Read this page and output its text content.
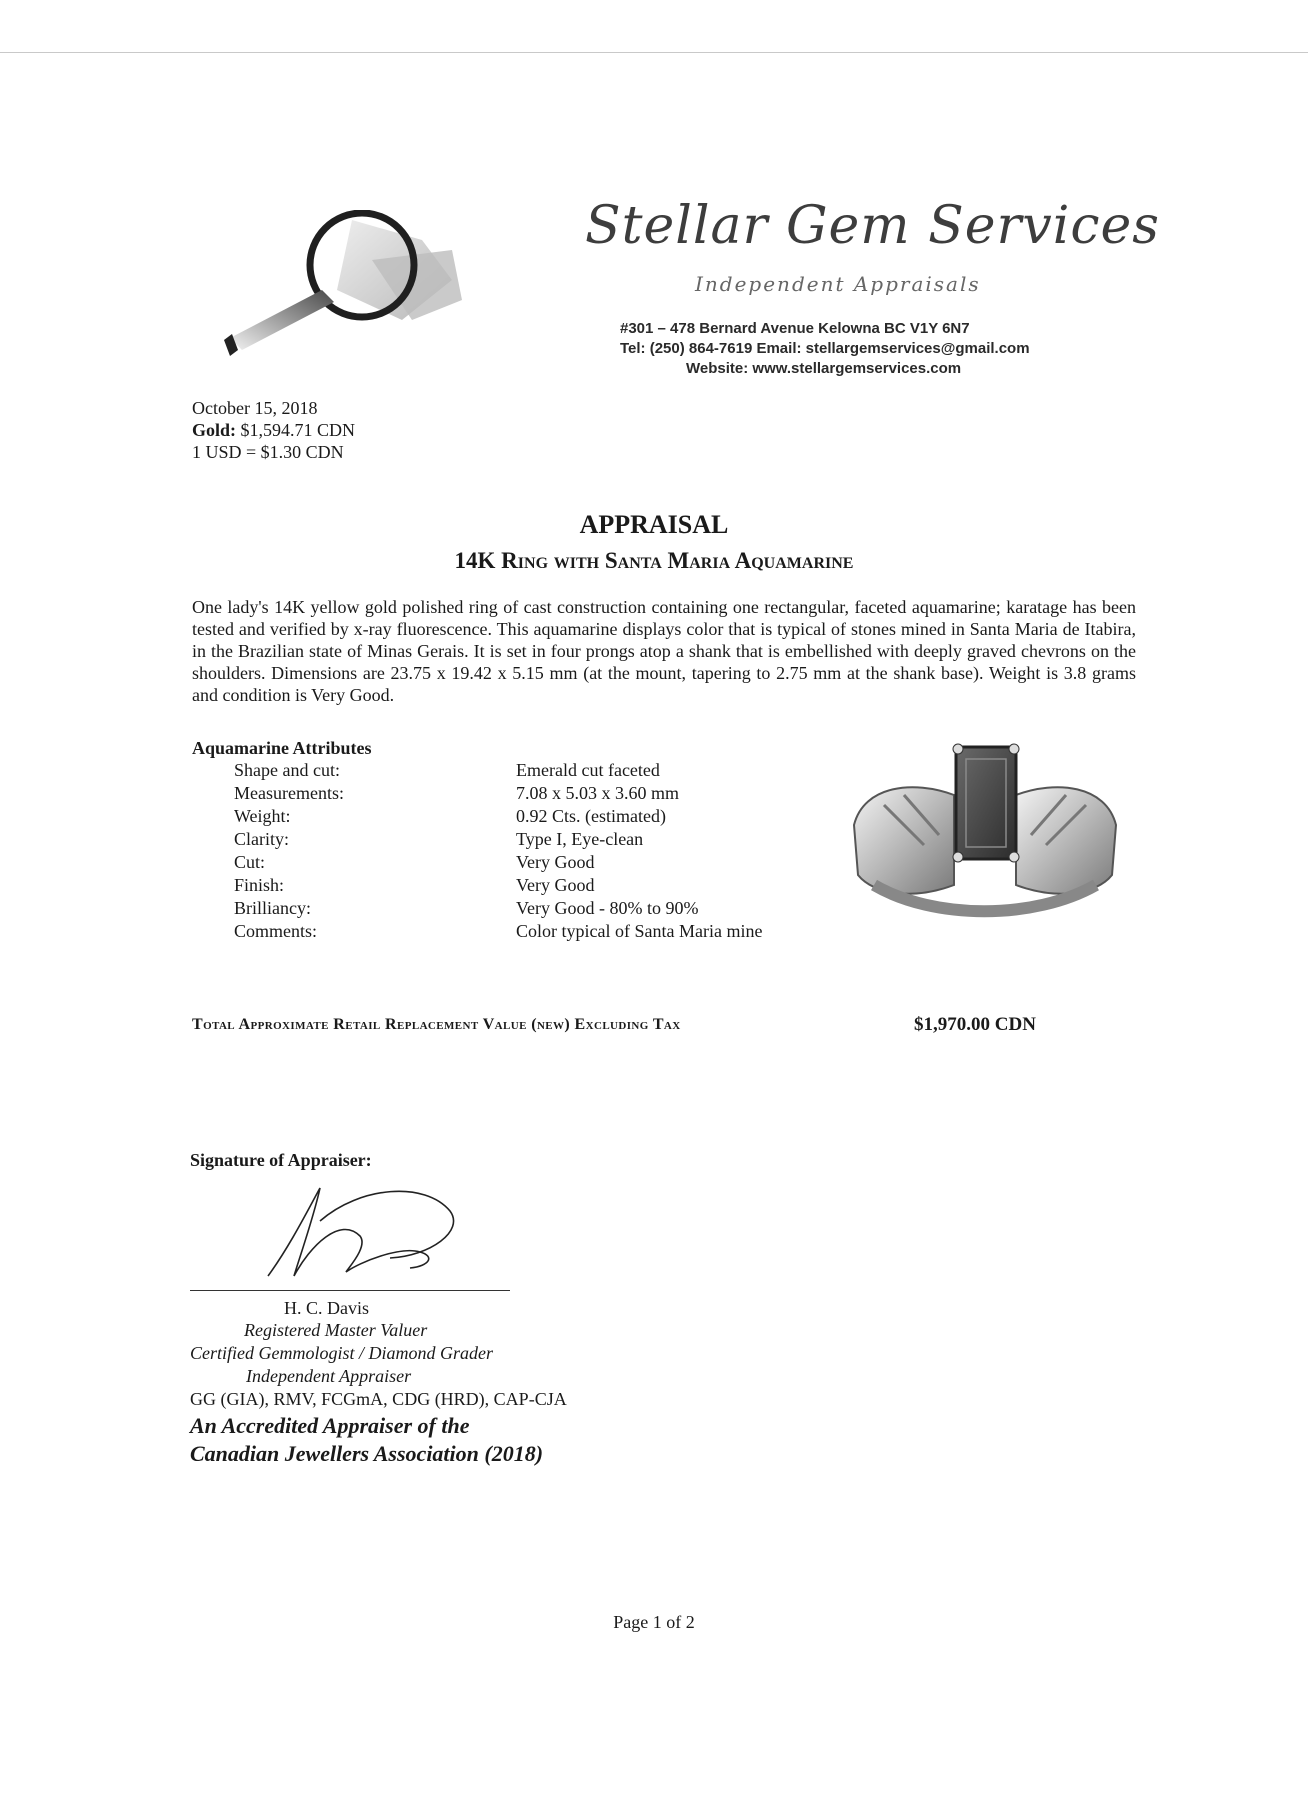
Stellar Gem Services
Independent Appraisals
#301 – 478 Bernard Avenue Kelowna BC V1Y 6N7
Tel: (250) 864-7619 Email: stellargemservices@gmail.com
Website: www.stellargemservices.com
October 15, 2018
Gold: $1,594.71 CDN
1 USD = $1.30 CDN
APPRAISAL
14K Ring with Santa Maria Aquamarine
One lady's 14K yellow gold polished ring of cast construction containing one rectangular, faceted aquamarine; karatage has been tested and verified by x-ray fluorescence. This aquamarine displays color that is typical of stones mined in Santa Maria de Itabira, in the Brazilian state of Minas Gerais. It is set in four prongs atop a shank that is embellished with deeply graved chevrons on the shoulders. Dimensions are 23.75 x 19.42 x 5.15 mm (at the mount, tapering to 2.75 mm at the shank base). Weight is 3.8 grams and condition is Very Good.
Aquamarine Attributes
Shape and cut:	Emerald cut faceted
Measurements:	7.08 x 5.03 x 3.60 mm
Weight:	0.92 Cts. (estimated)
Clarity:	Type I, Eye-clean
Cut:	Very Good
Finish:	Very Good
Brilliancy:	Very Good - 80% to 90%
Comments:	Color typical of Santa Maria mine
Total Approximate Retail Replacement Value (new) Excluding Tax	$1,970.00 CDN
Signature of Appraiser:
H. C. Davis
Registered Master Valuer
Certified Gemmologist / Diamond Grader
Independent Appraiser
GG (GIA), RMV, FCGmA, CDG (HRD), CAP-CJA
An Accredited Appraiser of the
Canadian Jewellers Association (2018)
Page 1 of 2
